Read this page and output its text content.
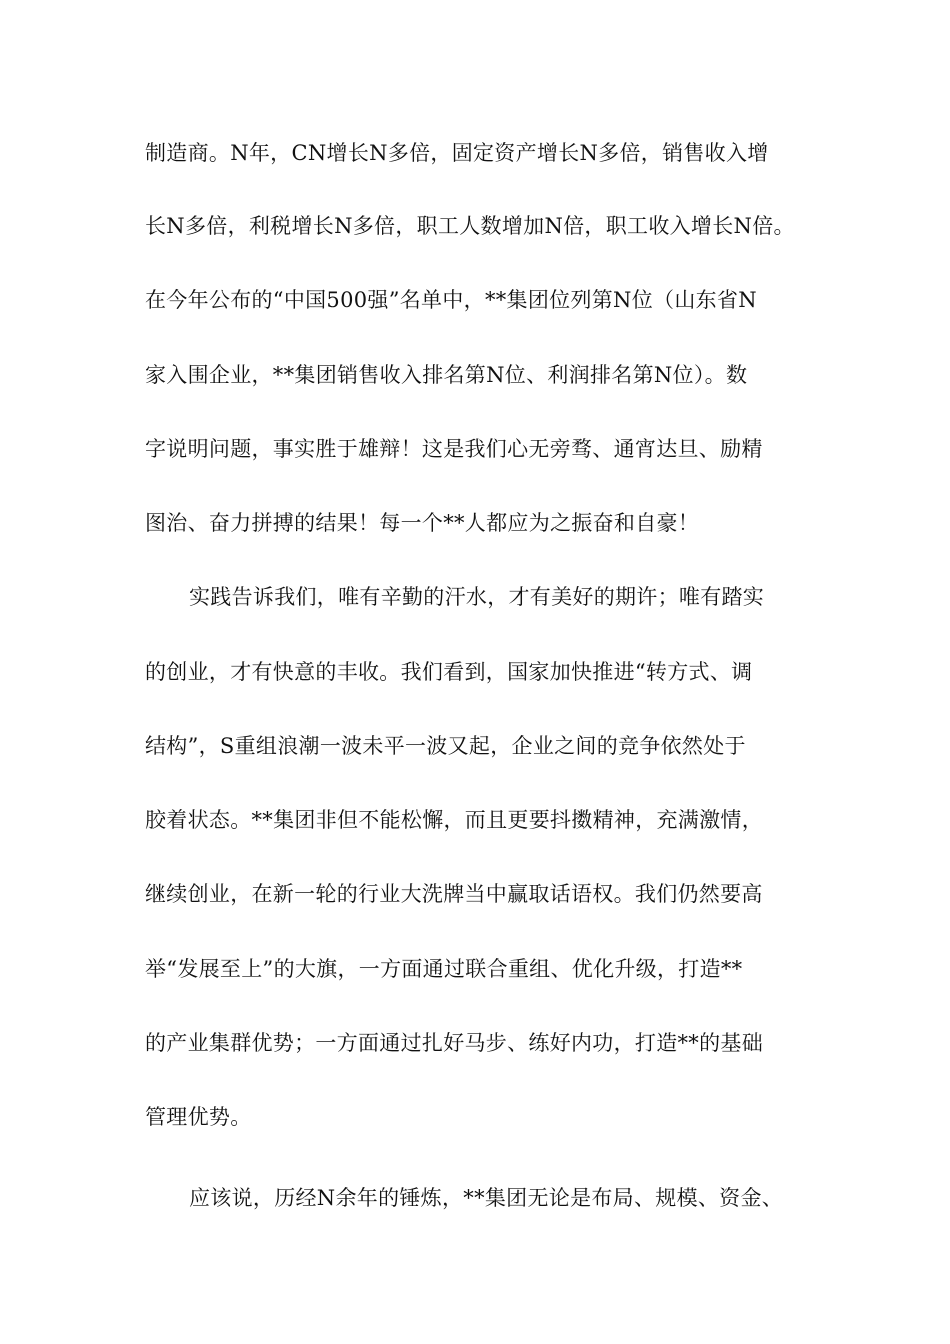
制造商。N年，CN增长N多倍，固定资产增长N多倍，销售收入增
长N多倍，利税增长N多倍，职工人数增加N倍，职工收入增长N倍。
在今年公布的“中国500强”名单中，**集团位列第N位（山东省N
家入围企业，**集团销售收入排名第N位、利润排名第N位）。数
字说明问题，事实胜于雄辩！这是我们心无旁骛、通宵达旦、励精
图治、奋力拼搏的结果！每一个**人都应为之振奋和自豪！
实践告诉我们，唯有辛勤的汗水，才有美好的期许；唯有踏实
的创业，才有快意的丰收。我们看到，国家加快推进“转方式、调
结构”，S重组浪潮一波未平一波又起，企业之间的竞争依然处于
胶着状态。**集团非但不能松懈，而且更要抖擞精神，充满激情，
继续创业，在新一轮的行业大洗牌当中赢取话语权。我们仍然要高
举“发展至上”的大旗，一方面通过联合重组、优化升级，打造**
的产业集群优势；一方面通过扎好马步、练好内功，打造**的基础
管理优势。
应该说，历经N余年的锤炼，**集团无论是布局、规模、资金、
